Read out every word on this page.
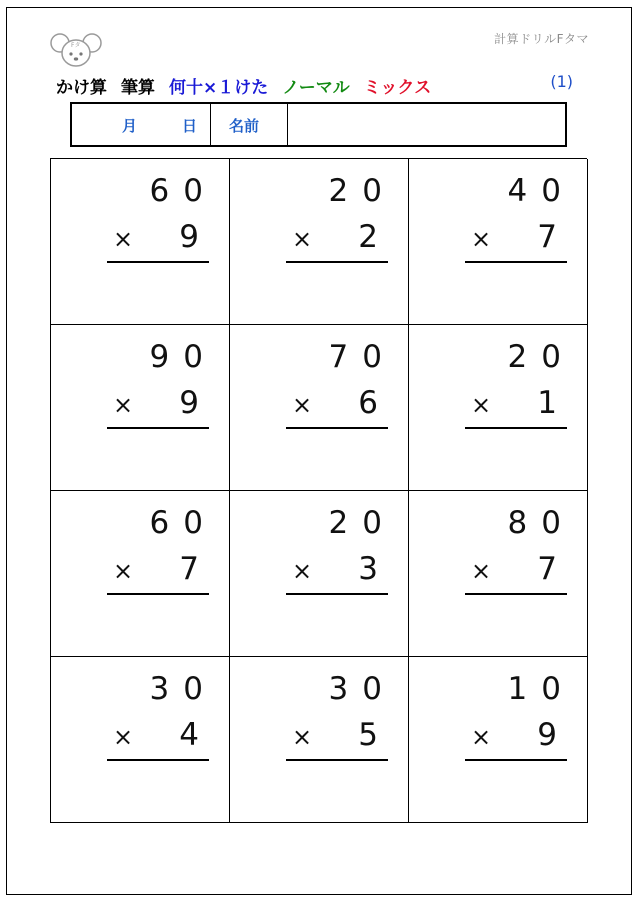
Fタ	計算ドリルFタマ
かけ算 筆算 何十×１けた ノーマル ミックス	(1)
月	日 名前
60
× 9
20
× 2
40
× 7
90
× 9
70
× 6
20
× 1
60
× 7
20
× 3
80
× 7
30
× 4
30
× 5
10
× 9
